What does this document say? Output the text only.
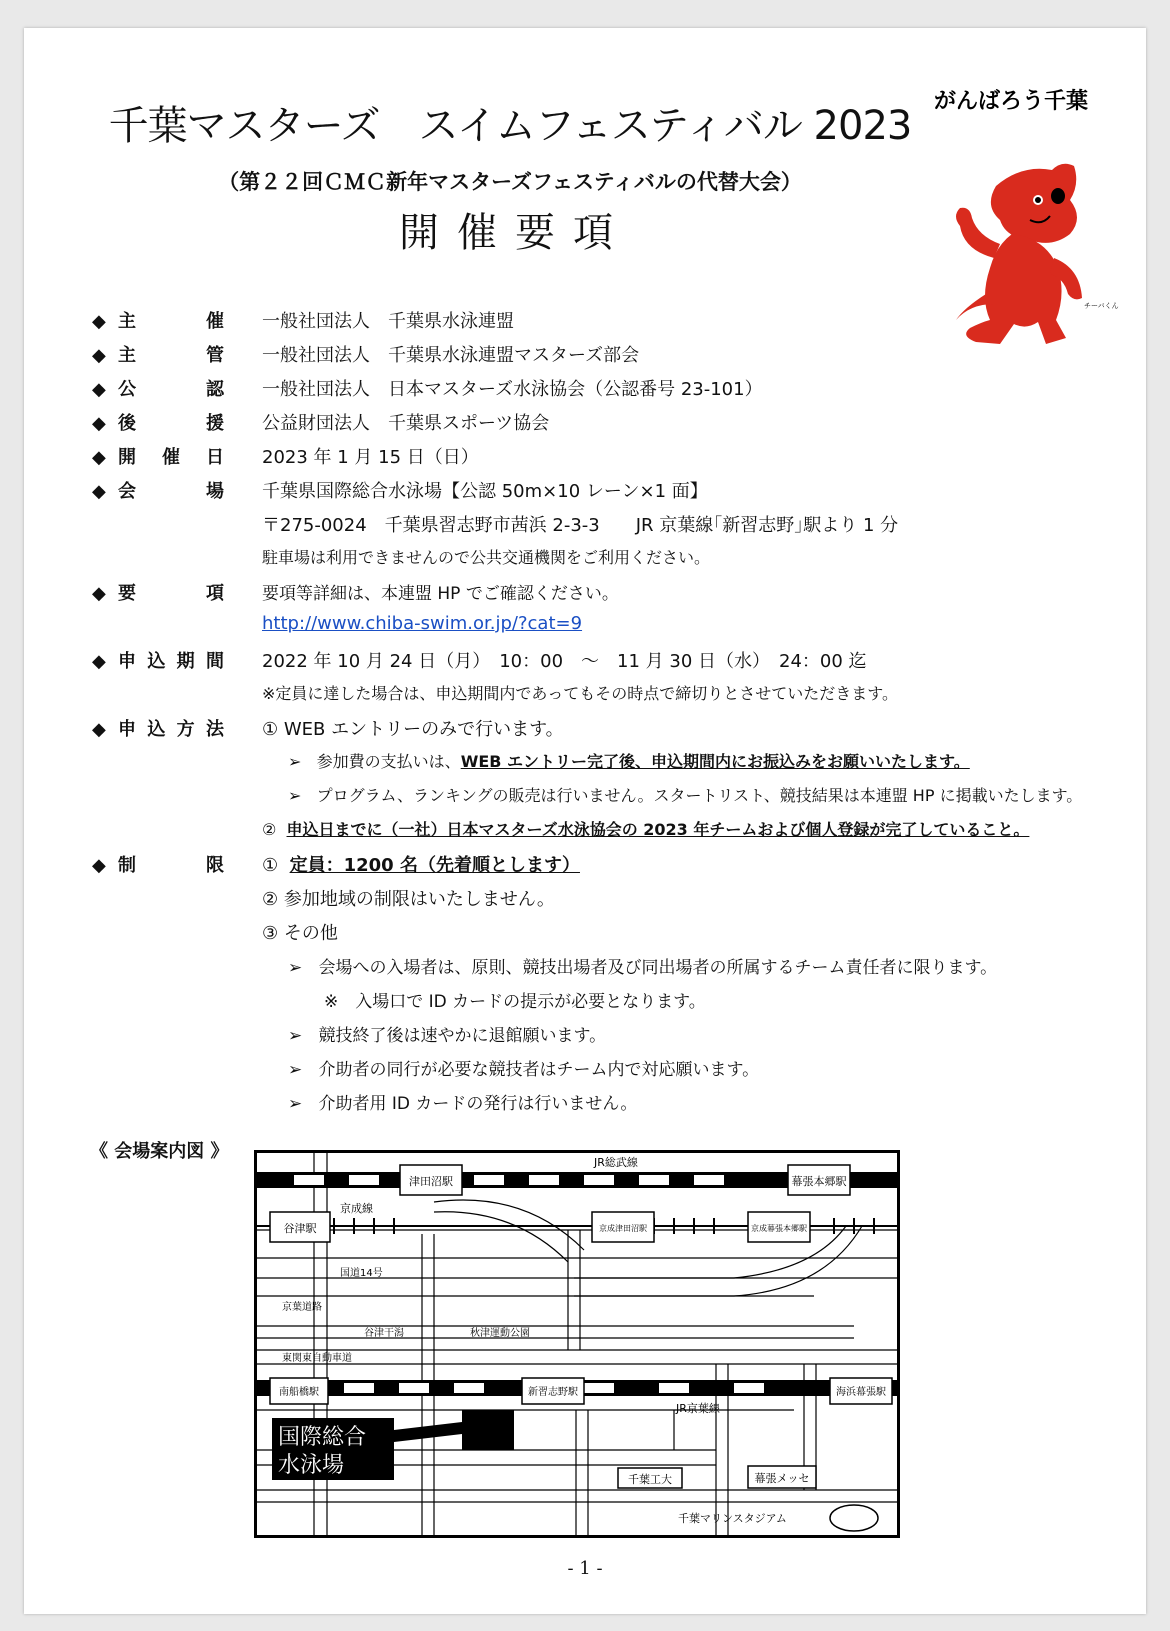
千葉マスターズ　スイムフェスティバル 2023
（第２２回ＣＭＣ新年マスターズフェスティバルの代替大会）
開催要項
がんばろう千葉
チーバくん
◆ 主催	一般社団法人　千葉県水泳連盟
◆ 主管	一般社団法人　千葉県水泳連盟マスターズ部会
◆ 公認	一般社団法人　日本マスターズ水泳協会（公認番号 23-101）
◆ 後援	公益財団法人　千葉県スポーツ協会
◆ 開催日	2023 年 1 月 15 日（日）
◆ 会場	千葉県国際総合水泳場【公認 50m×10 レーン×1 面】
〒275-0024　千葉県習志野市茜浜 2-3-3　　JR 京葉線｢新習志野｣駅より 1 分
駐車場は利用できませんので公共交通機関をご利用ください。
◆ 要項	要項等詳細は、本連盟 HP でご確認ください。
http://www.chiba-swim.or.jp/?cat=9
◆ 申込期間	2022 年 10 月 24 日（月）　10：00　～　11 月 30 日（水）　24：00 迄
※定員に達した場合は、申込期間内であってもその時点で締切りとさせていただきます。
◆ 申込方法	① WEB エントリーのみで行います。
➢ 参加費の支払いは、WEB エントリー完了後、申込期間内にお振込みをお願いいたします。
➢ プログラム、ランキングの販売は行いません。スタートリスト、競技結果は本連盟 HP に掲載いたします。
② 申込日までに（一社）日本マスターズ水泳協会の 2023 年チームおよび個人登録が完了していること。
◆ 制限	① 定員：1200 名（先着順とします）
② 参加地域の制限はいたしません。
③ その他
➢ 会場への入場者は、原則、競技出場者及び同出場者の所属するチーム責任者に限ります。
※　入場口で ID カードの提示が必要となります。
➢ 競技終了後は速やかに退館願います。
➢ 介助者の同行が必要な競技者はチーム内で対応願います。
➢ 介助者用 ID カードの発行は行いません。
《 会場案内図 》
JR総武線
京成線
JR京葉線
津田沼駅	幕張本郷駅
谷津駅	京成津田沼駅	京成幕張本郷駅
南船橋駅	新習志野駅	海浜幕張駅
千葉工大	幕張メッセ
国道14号
京葉道路
谷津干潟	秋津運動公園
東関東自動車道
千葉マリンスタジアム
国際総合
水泳場
- 1 -
